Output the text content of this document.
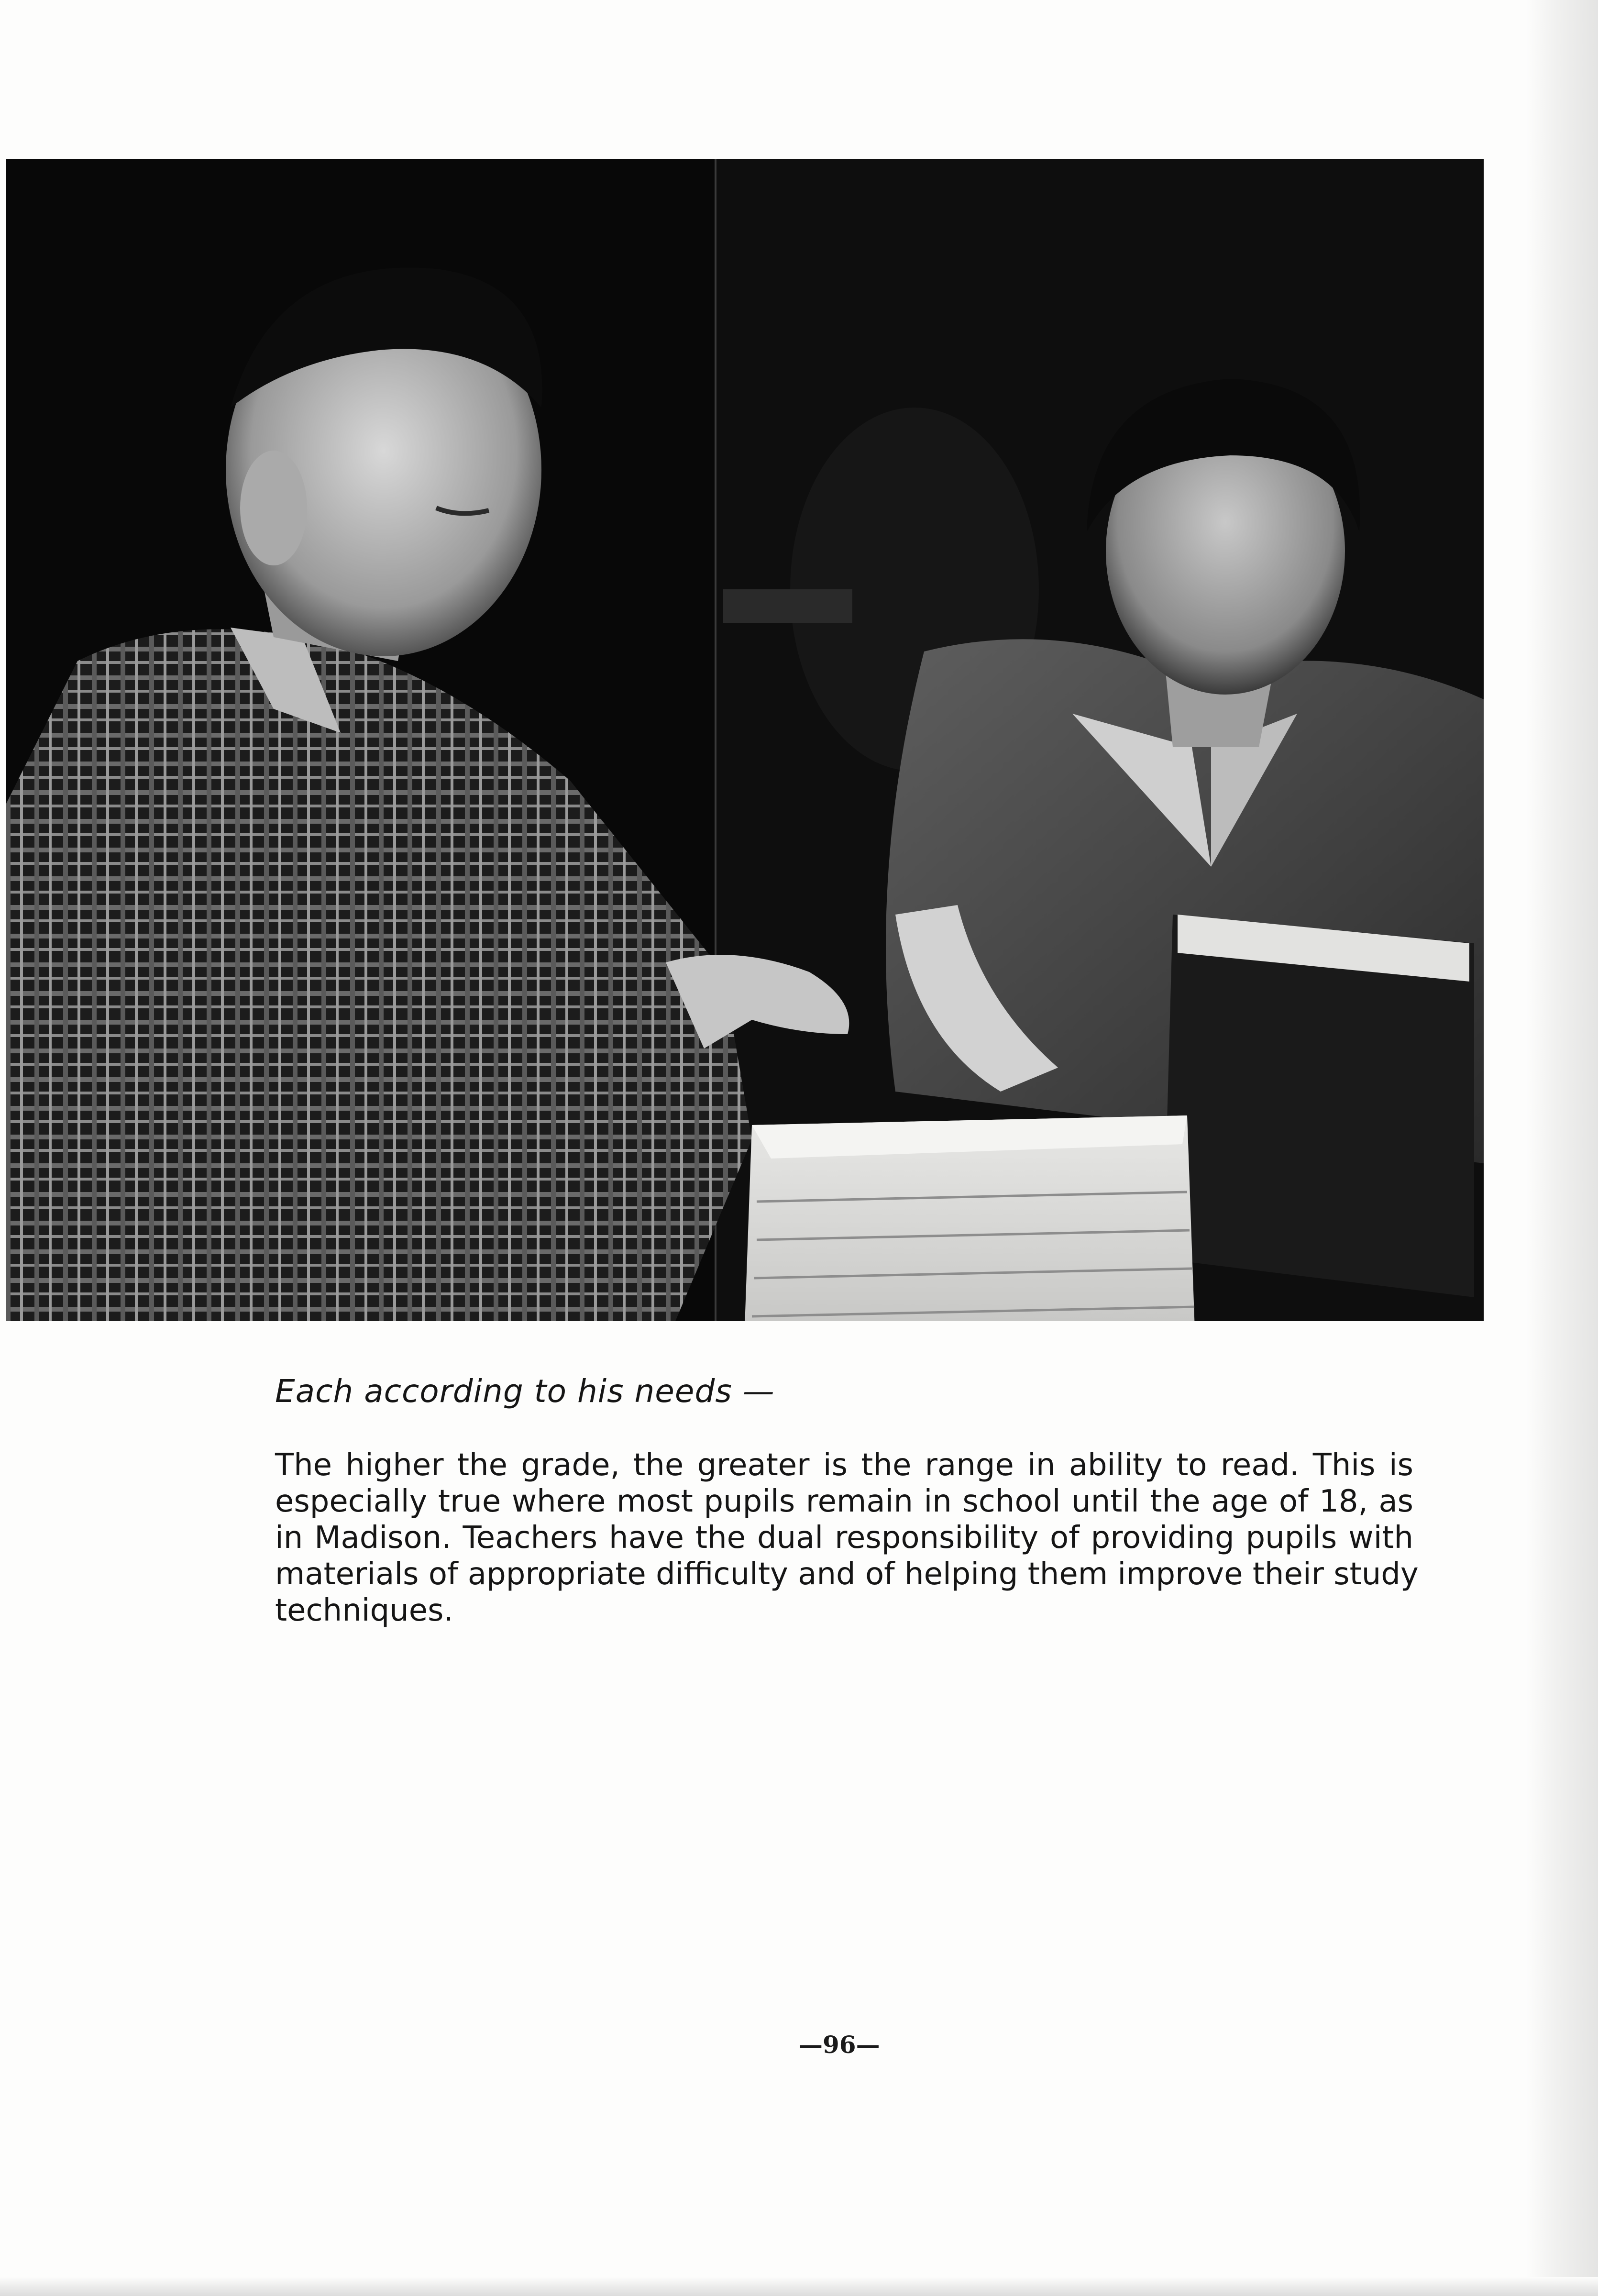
Each according to his needs —
The higher the grade, the greater is the range in ability to read. This is
especially true where most pupils remain in school until the age of 18, as
in Madison. Teachers have the dual responsibility of providing pupils with
materials of appropriate difficulty and of helping them improve their study
techniques.
—96—
